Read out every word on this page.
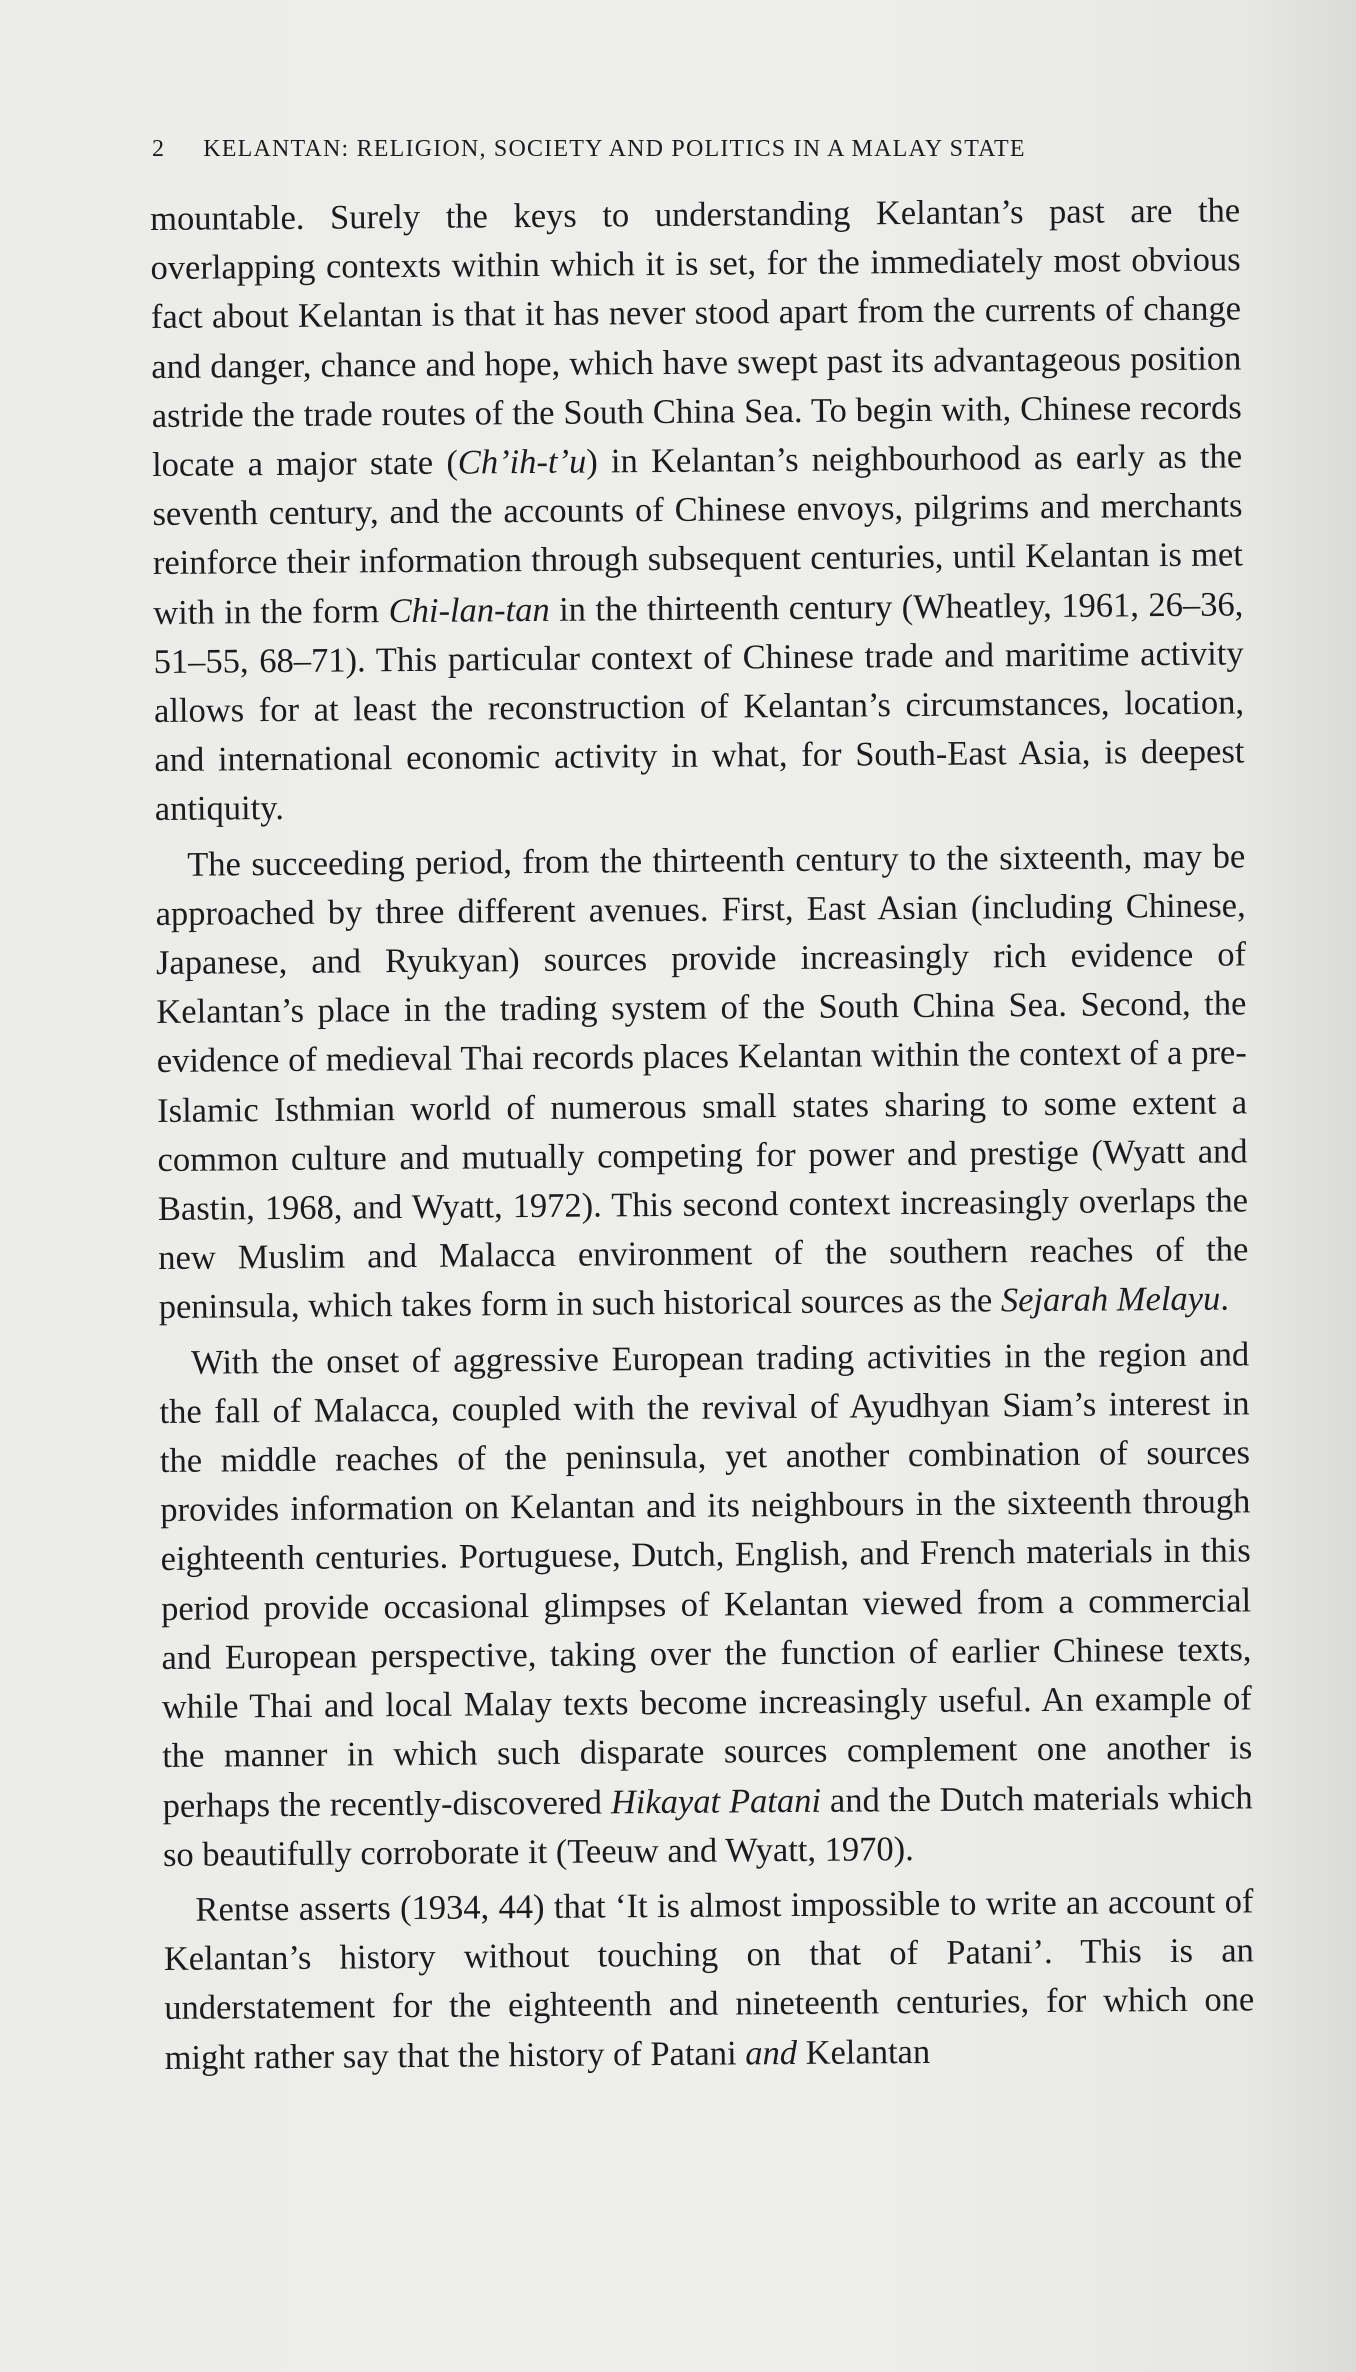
2 KELANTAN: RELIGION, SOCIETY AND POLITICS IN A MALAY STATE

mountable. Surely the keys to understanding Kelantan’s past are the overlapping contexts within which it is set, for the immediately most obvious fact about Kelantan is that it has never stood apart from the currents of change and danger, chance and hope, which have swept past its advantageous position astride the trade routes of the South China Sea. To begin with, Chinese records locate a major state (Ch’ih-t’u) in Kelantan’s neighbourhood as early as the seventh century, and the accounts of Chinese envoys, pilgrims and merchants reinforce their information through subsequent centuries, until Kelantan is met with in the form Chi-lan-tan in the thirteenth century (Wheatley, 1961, 26–36, 51–55, 68–71). This particular context of Chinese trade and maritime activity allows for at least the reconstruction of Kelantan’s circumstances, location, and international economic activity in what, for South-East Asia, is deepest antiquity.

The succeeding period, from the thirteenth century to the sixteenth, may be approached by three different avenues. First, East Asian (including Chinese, Japanese, and Ryukyan) sources provide increasingly rich evidence of Kelantan’s place in the trading system of the South China Sea. Second, the evidence of medieval Thai records places Kelantan within the context of a pre-Islamic Isthmian world of numerous small states sharing to some extent a common culture and mutually competing for power and prestige (Wyatt and Bastin, 1968, and Wyatt, 1972). This second context increasingly overlaps the new Muslim and Malacca environment of the southern reaches of the peninsula, which takes form in such historical sources as the Sejarah Melayu.

With the onset of aggressive European trading activities in the region and the fall of Malacca, coupled with the revival of Ayudhyan Siam’s interest in the middle reaches of the peninsula, yet another combination of sources provides information on Kelantan and its neighbours in the sixteenth through eighteenth centuries. Portuguese, Dutch, English, and French materials in this period provide occasional glimpses of Kelantan viewed from a commercial and European perspective, taking over the function of earlier Chinese texts, while Thai and local Malay texts become increasingly useful. An example of the manner in which such disparate sources complement one another is perhaps the recently-discovered Hikayat Patani and the Dutch materials which so beautifully corroborate it (Teeuw and Wyatt, 1970).

Rentse asserts (1934, 44) that ‘It is almost impossible to write an account of Kelantan’s history without touching on that of Patani’. This is an understatement for the eighteenth and nineteenth centuries, for which one might rather say that the history of Patani and Kelantan
